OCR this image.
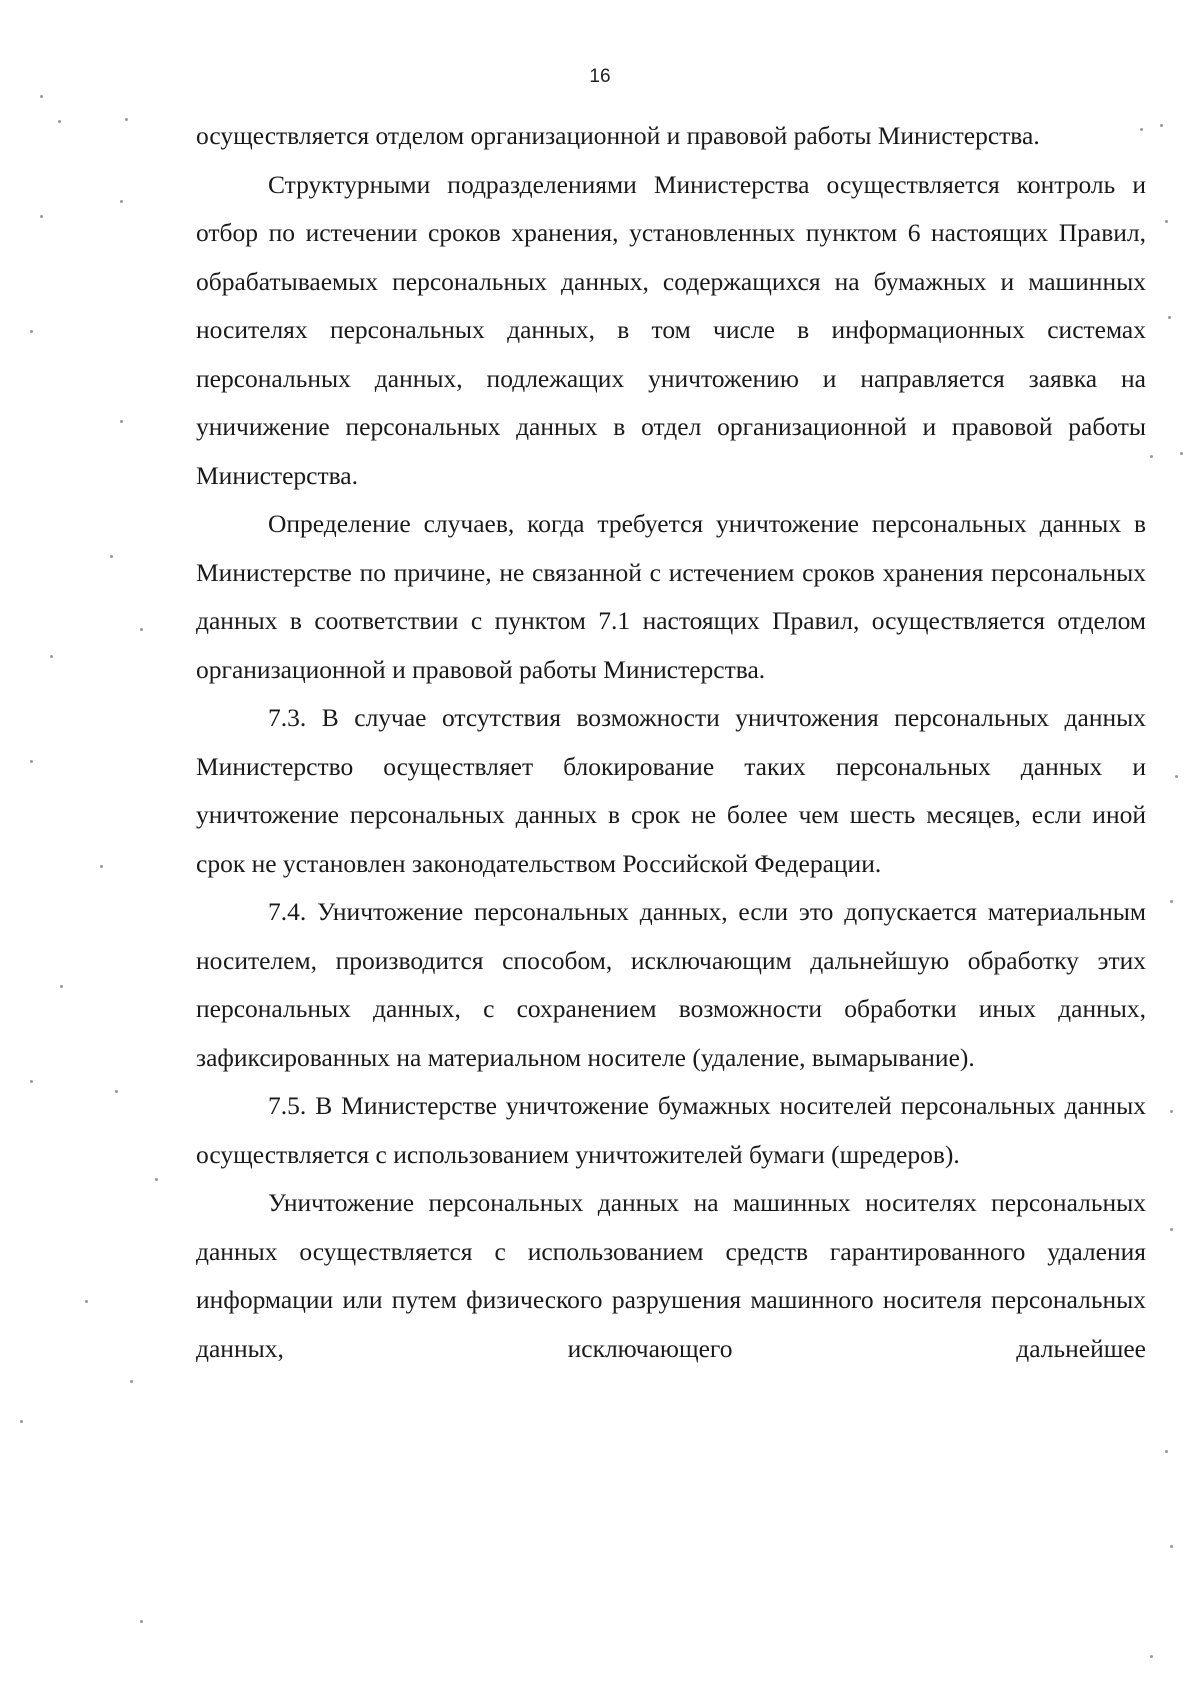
16

осуществляется отделом организационной и правовой работы Министерства.

Структурными подразделениями Министерства осуществляется контроль и отбор по истечении сроков хранения, установленных пунктом 6 настоящих Правил, обрабатываемых персональных данных, содержащихся на бумажных и машинных носителях персональных данных, в том числе в информационных системах персональных данных, подлежащих уничтожению и направляется заявка на уничижение персональных данных в отдел организационной и правовой работы Министерства.

Определение случаев, когда требуется уничтожение персональных данных в Министерстве по причине, не связанной с истечением сроков хранения персональных данных в соответствии с пунктом 7.1 настоящих Правил, осуществляется отделом организационной и правовой работы Министерства.

7.3. В случае отсутствия возможности уничтожения персональных данных Министерство осуществляет блокирование таких персональных данных и уничтожение персональных данных в срок не более чем шесть месяцев, если иной срок не установлен законодательством Российской Федерации.

7.4. Уничтожение персональных данных, если это допускается материальным носителем, производится способом, исключающим дальнейшую обработку этих персональных данных, с сохранением возможности обработки иных данных, зафиксированных на материальном носителе (удаление, вымарывание).

7.5. В Министерстве уничтожение бумажных носителей персональных данных осуществляется с использованием уничтожителей бумаги (шредеров).

Уничтожение персональных данных на машинных носителях персональных данных осуществляется с использованием средств гарантированного удаления информации или путем физического разрушения машинного носителя персональных данных, исключающего дальнейшее
